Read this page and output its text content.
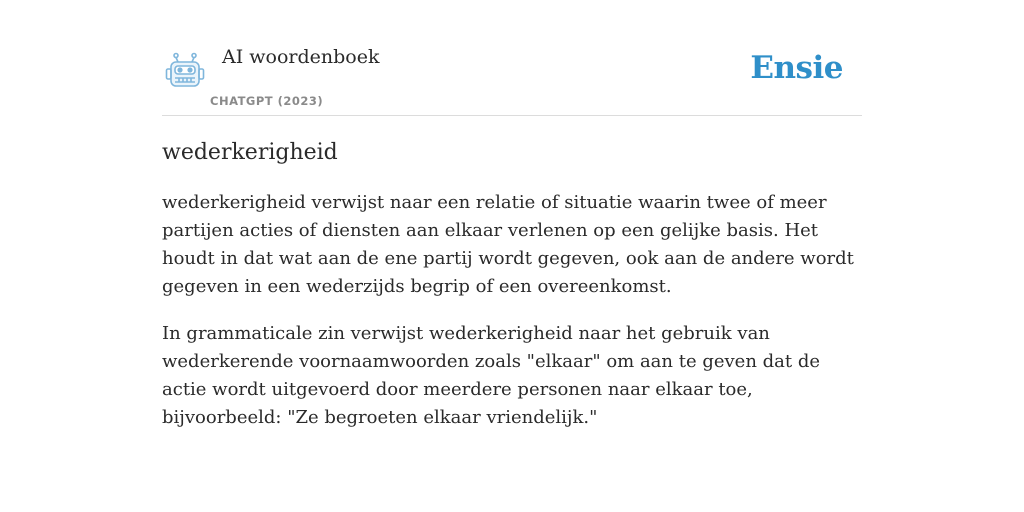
AI woordenboek
CHATGPT (2023)
Ensie
wederkerigheid

wederkerigheid verwijst naar een relatie of situatie waarin twee of meer partijen acties of diensten aan elkaar verlenen op een gelijke basis. Het houdt in dat wat aan de ene partij wordt gegeven, ook aan de andere wordt gegeven in een wederzijds begrip of een overeenkomst.

In grammaticale zin verwijst wederkerigheid naar het gebruik van wederkerende voornaamwoorden zoals "elkaar" om aan te geven dat de actie wordt uitgevoerd door meerdere personen naar elkaar toe, bijvoorbeeld: "Ze begroeten elkaar vriendelijk."
